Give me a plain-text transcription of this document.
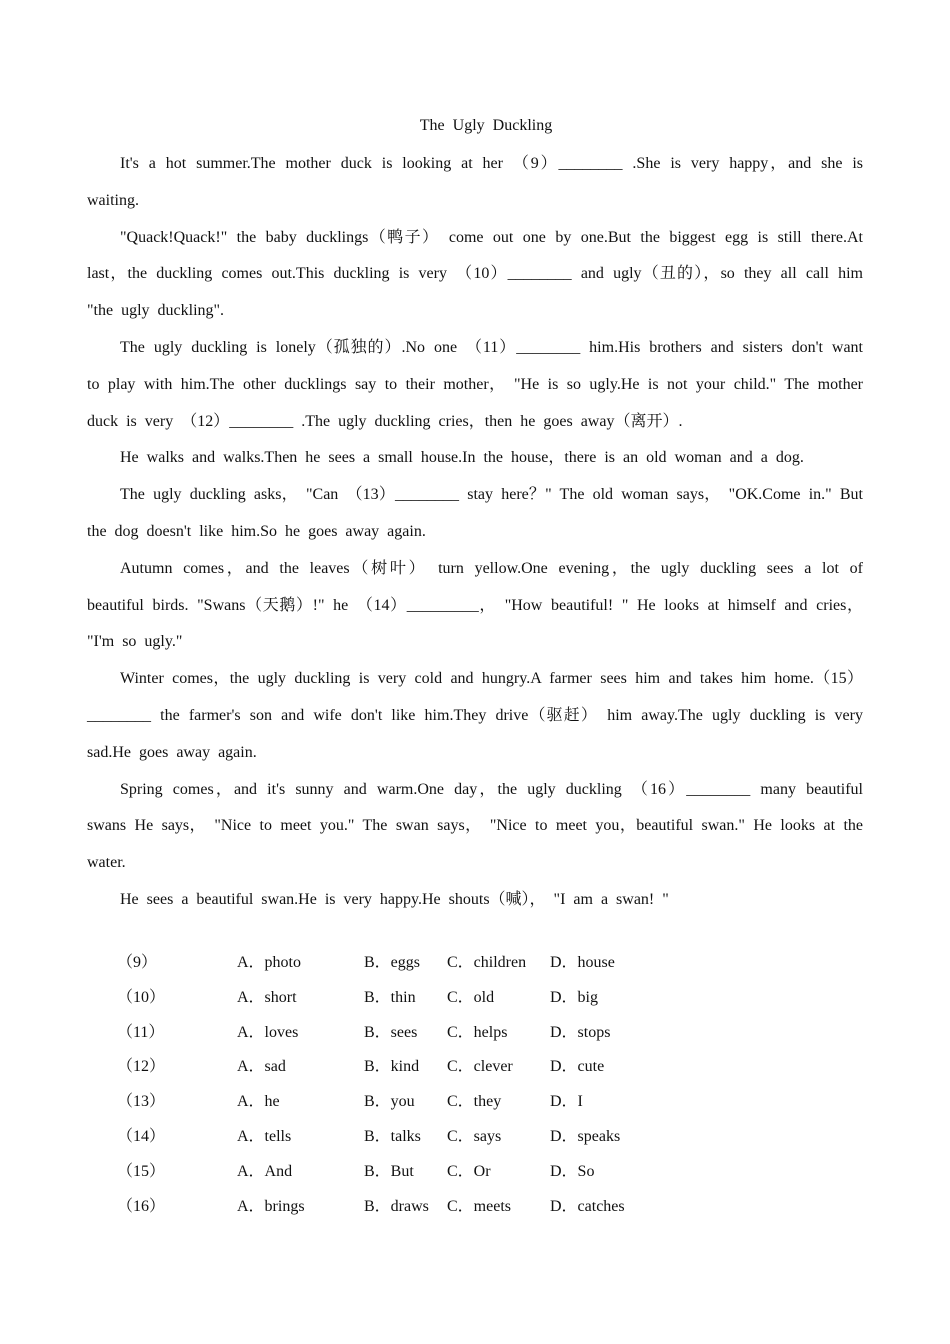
The Ugly Duckling

It's a hot summer.The mother duck is looking at her （9）________ .She is very happy，and she is waiting.

"Quack!Quack!" the baby ducklings（鸭子） come out one by one.But the biggest egg is still there.At last，the duckling comes out.This duckling is very （10）________ and ugly（丑的），so they all call him "the ugly duckling".

The ugly duckling is lonely（孤独的）.No one （11）________ him.His brothers and sisters don't want to play with him.The other ducklings say to their mother， "He is so ugly.He is not your child." The mother duck is very （12）________ .The ugly duckling cries，then he goes away（离开）.

He walks and walks.Then he sees a small house.In the house，there is an old woman and a dog.

The ugly duckling asks， "Can （13）________ stay here？" The old woman says， "OK.Come in." But the dog doesn't like him.So he goes away again.

Autumn comes，and the leaves（树叶） turn yellow.One evening，the ugly duckling sees a lot of beautiful birds. "Swans（天鹅）!" he （14）_________， "How beautiful! " He looks at himself and cries， "I'm so ugly."

Winter comes，the ugly duckling is very cold and hungry.A farmer sees him and takes him home.（15）________ the farmer's son and wife don't like him.They drive（驱赶） him away.The ugly duckling is very sad.He goes away again.

Spring comes，and it's sunny and warm.One day，the ugly duckling （16）________ many beautiful swans He says， "Nice to meet you." The swan says， "Nice to meet you，beautiful swan." He looks at the water.

He sees a beautiful swan.He is very happy.He shouts（喊）， "I am a swan! "

（9）	A．photo	B．eggs C．children D．house
（10）	A．short	B．thin C．old	D．big
（11）	A．loves	B．sees C．helps	D．stops
（12）	A．sad	B．kind C．clever D．cute
（13）	A．he	B．you C．they	D．I
（14）	A．tells	B．talks C．says	D．speaks
（15）	A．And	B．But C．Or	D．So
（16）	A．brings	B．draws C．meets D．catches
